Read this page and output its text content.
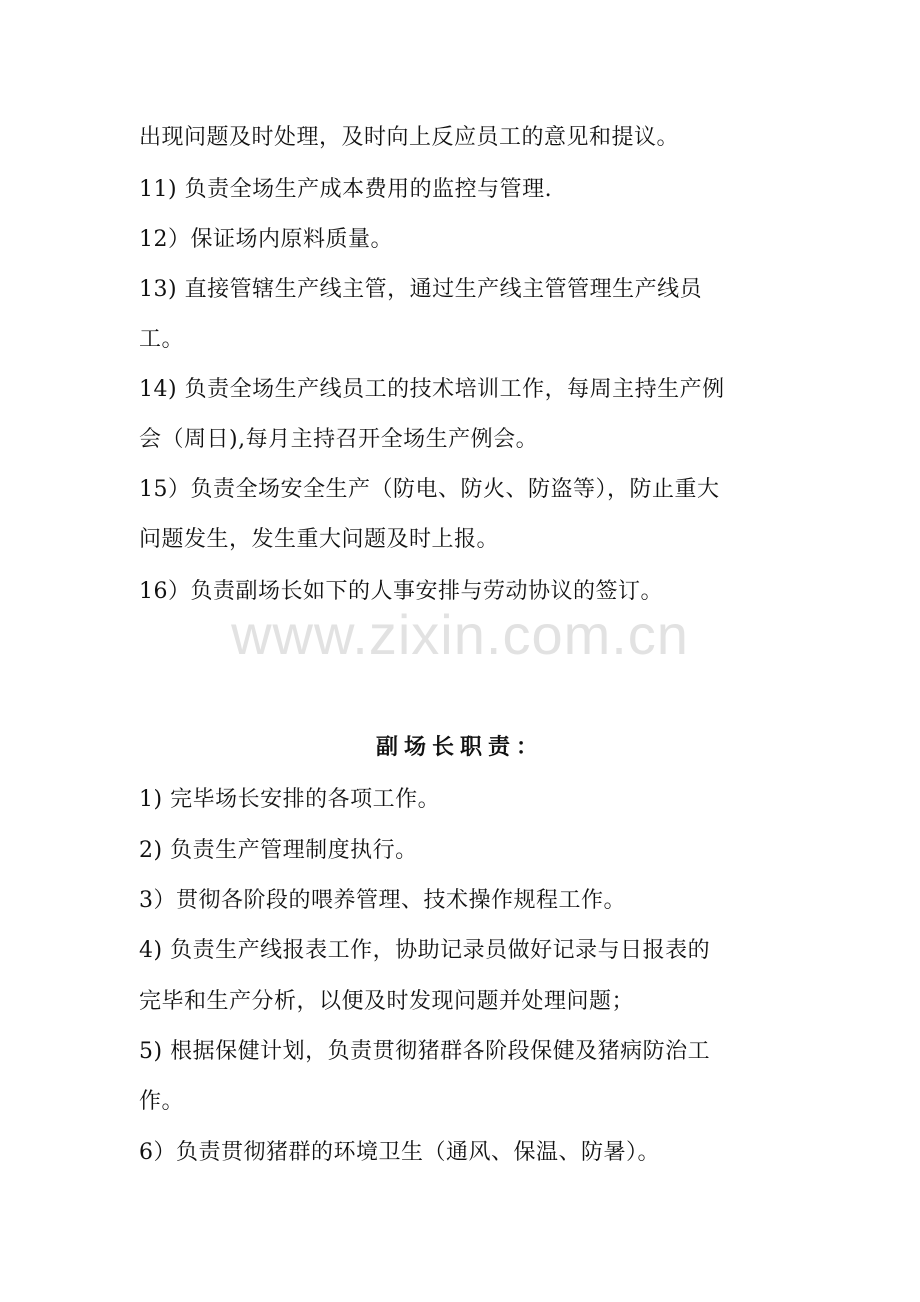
出现问题及时处理，及时向上反应员工的意见和提议。
11) 负责全场生产成本费用的监控与管理.
12）保证场内原料质量。
13) 直接管辖生产线主管，通过生产线主管管理生产线员
工。
14) 负责全场生产线员工的技术培训工作，每周主持生产例
会（周日),每月主持召开全场生产例会。
15）负责全场安全生产（防电、防火、防盗等），防止重大
问题发生，发生重大问题及时上报。
16）负责副场长如下的人事安排与劳动协议的签订。
www.zixin.com.cn
副场长职责：
1) 完毕场长安排的各项工作。
2) 负责生产管理制度执行。
3）贯彻各阶段的喂养管理、技术操作规程工作。
4) 负责生产线报表工作，协助记录员做好记录与日报表的
完毕和生产分析，以便及时发现问题并处理问题；
5) 根据保健计划，负责贯彻猪群各阶段保健及猪病防治工
作。
6）负责贯彻猪群的环境卫生（通风、保温、防暑）。
